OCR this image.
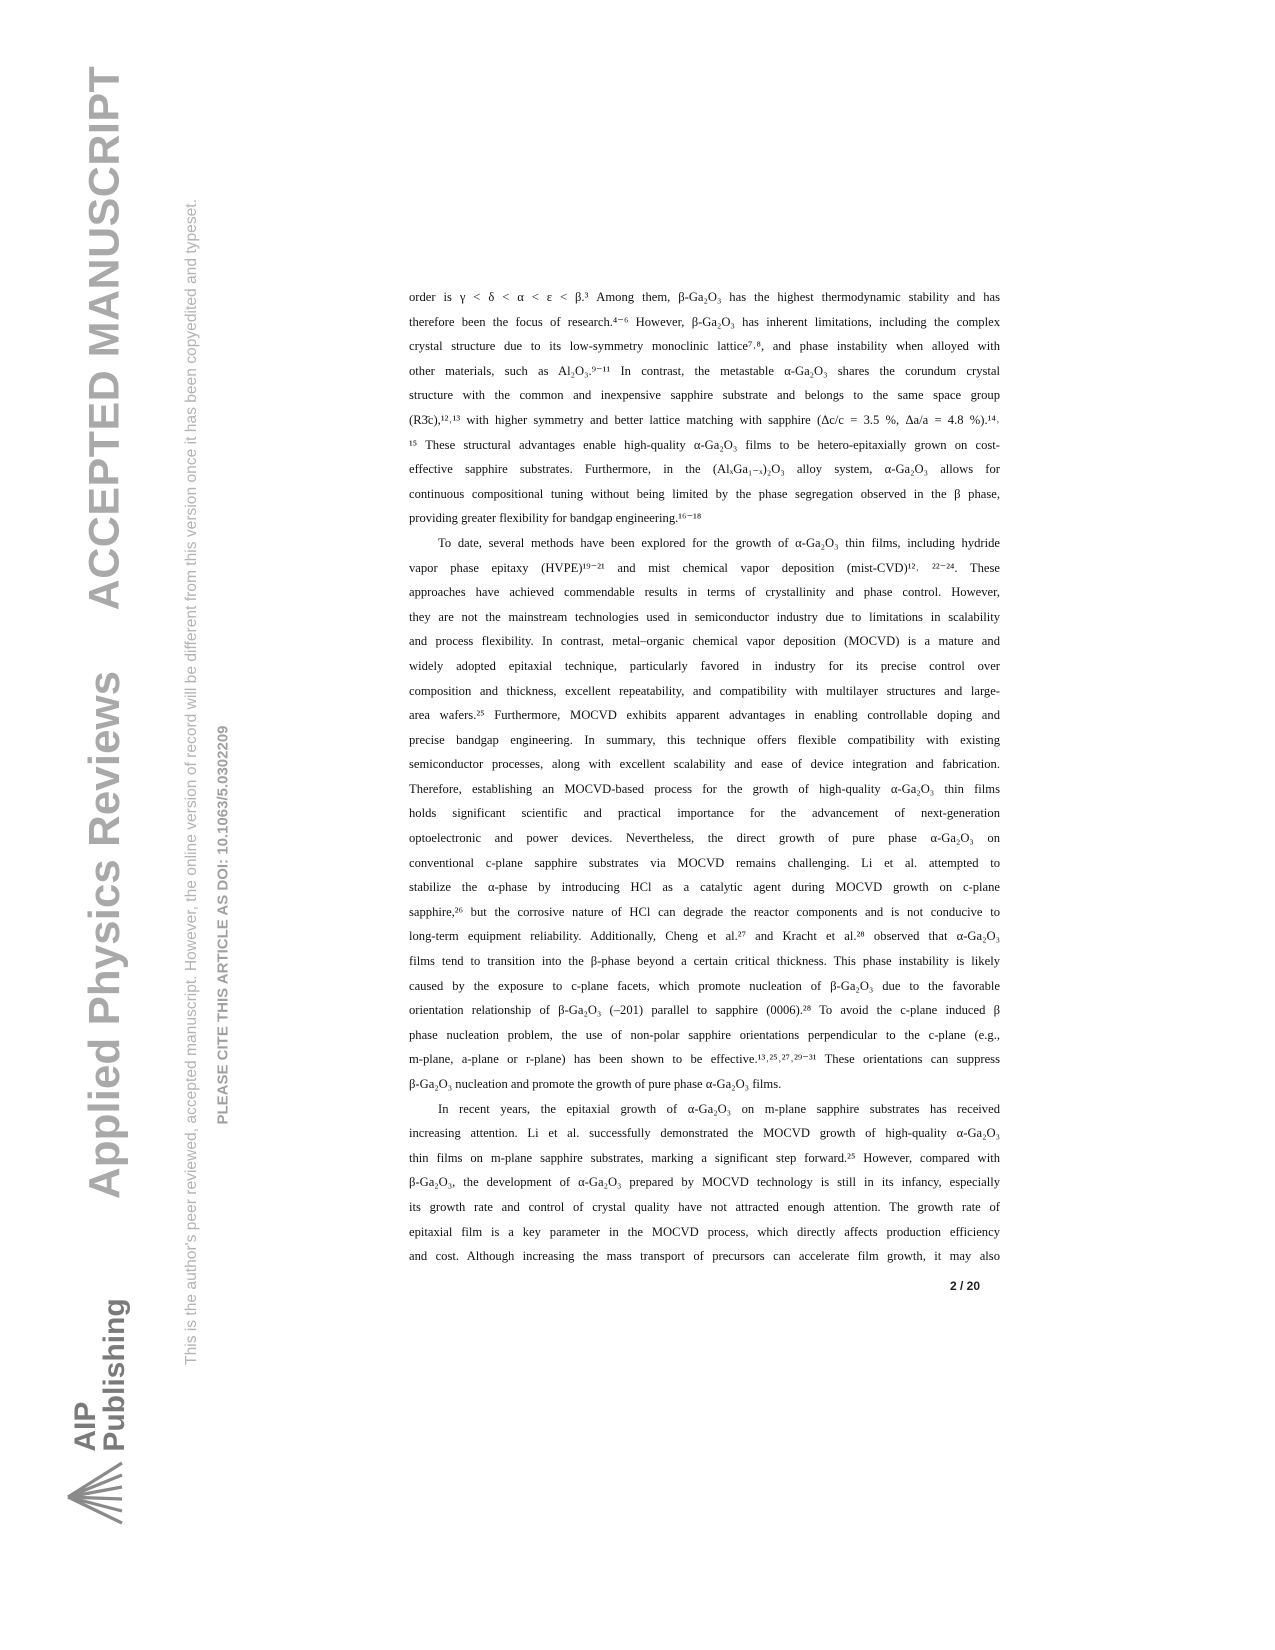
ACCEPTED MANUSCRIPT
Applied Physics Reviews	This is the author's peer reviewed, accepted manuscript. However, the online version of record will be different from this version once it has been copyedited and typeset. PLEASE CITE THIS ARTICLE AS DOI: 10.1063/5.0302209
AIP
Publishing
order is γ < δ < α < ε < β.³ Among them, β-Ga₂O₃ has the highest thermodynamic stability and has
therefore been the focus of research.⁴⁻⁶ However, β-Ga₂O₃ has inherent limitations, including the complex
crystal structure due to its low-symmetry monoclinic lattice⁷˒⁸, and phase instability when alloyed with
other materials, such as Al₂O₃.⁹⁻¹¹ In contrast, the metastable α-Ga₂O₃ shares the corundum crystal
structure with the common and inexpensive sapphire substrate and belongs to the same space group
(R3̄c),¹²˒¹³ with higher symmetry and better lattice matching with sapphire (Δc/c = 3.5 %, Δa/a = 4.8 %).¹⁴˒
¹⁵ These structural advantages enable high-quality α-Ga₂O₃ films to be hetero-epitaxially grown on cost-
effective sapphire substrates. Furthermore, in the (AlₓGa₁₋ₓ)₂O₃ alloy system, α-Ga₂O₃ allows for
continuous compositional tuning without being limited by the phase segregation observed in the β phase,
providing greater flexibility for bandgap engineering.¹⁶⁻¹⁸
To date, several methods have been explored for the growth of α-Ga₂O₃ thin films, including hydride
vapor phase epitaxy (HVPE)¹⁹⁻²¹ and mist chemical vapor deposition (mist-CVD)¹²˒ ²²⁻²⁴. These
approaches have achieved commendable results in terms of crystallinity and phase control. However,
they are not the mainstream technologies used in semiconductor industry due to limitations in scalability
and process flexibility. In contrast, metal–organic chemical vapor deposition (MOCVD) is a mature and
widely adopted epitaxial technique, particularly favored in industry for its precise control over
composition and thickness, excellent repeatability, and compatibility with multilayer structures and large-
area wafers.²⁵ Furthermore, MOCVD exhibits apparent advantages in enabling controllable doping and
precise bandgap engineering. In summary, this technique offers flexible compatibility with existing
semiconductor processes, along with excellent scalability and ease of device integration and fabrication.
Therefore, establishing an MOCVD-based process for the growth of high-quality α-Ga₂O₃ thin films
holds significant scientific and practical importance for the advancement of next-generation
optoelectronic and power devices. Nevertheless, the direct growth of pure phase α-Ga₂O₃ on
conventional c-plane sapphire substrates via MOCVD remains challenging. Li et al. attempted to
stabilize the α-phase by introducing HCl as a catalytic agent during MOCVD growth on c-plane
sapphire,²⁶ but the corrosive nature of HCl can degrade the reactor components and is not conducive to
long-term equipment reliability. Additionally, Cheng et al.²⁷ and Kracht et al.²⁸ observed that α-Ga₂O₃
films tend to transition into the β-phase beyond a certain critical thickness. This phase instability is likely
caused by the exposure to c-plane facets, which promote nucleation of β-Ga₂O₃ due to the favorable
orientation relationship of β-Ga₂O₃ (–201) parallel to sapphire (0006).²⁸ To avoid the c-plane induced β
phase nucleation problem, the use of non-polar sapphire orientations perpendicular to the c-plane (e.g.,
m-plane, a-plane or r-plane) has been shown to be effective.¹³˒²⁵˒²⁷˒²⁹⁻³¹ These orientations can suppress
β-Ga₂O₃ nucleation and promote the growth of pure phase α-Ga₂O₃ films.
In recent years, the epitaxial growth of α-Ga₂O₃ on m-plane sapphire substrates has received
increasing attention. Li et al. successfully demonstrated the MOCVD growth of high-quality α-Ga₂O₃
thin films on m-plane sapphire substrates, marking a significant step forward.²⁵ However, compared with
β-Ga₂O₃, the development of α-Ga₂O₃ prepared by MOCVD technology is still in its infancy, especially
its growth rate and control of crystal quality have not attracted enough attention. The growth rate of
epitaxial film is a key parameter in the MOCVD process, which directly affects production efficiency
and cost. Although increasing the mass transport of precursors can accelerate film growth, it may also
2 / 20
